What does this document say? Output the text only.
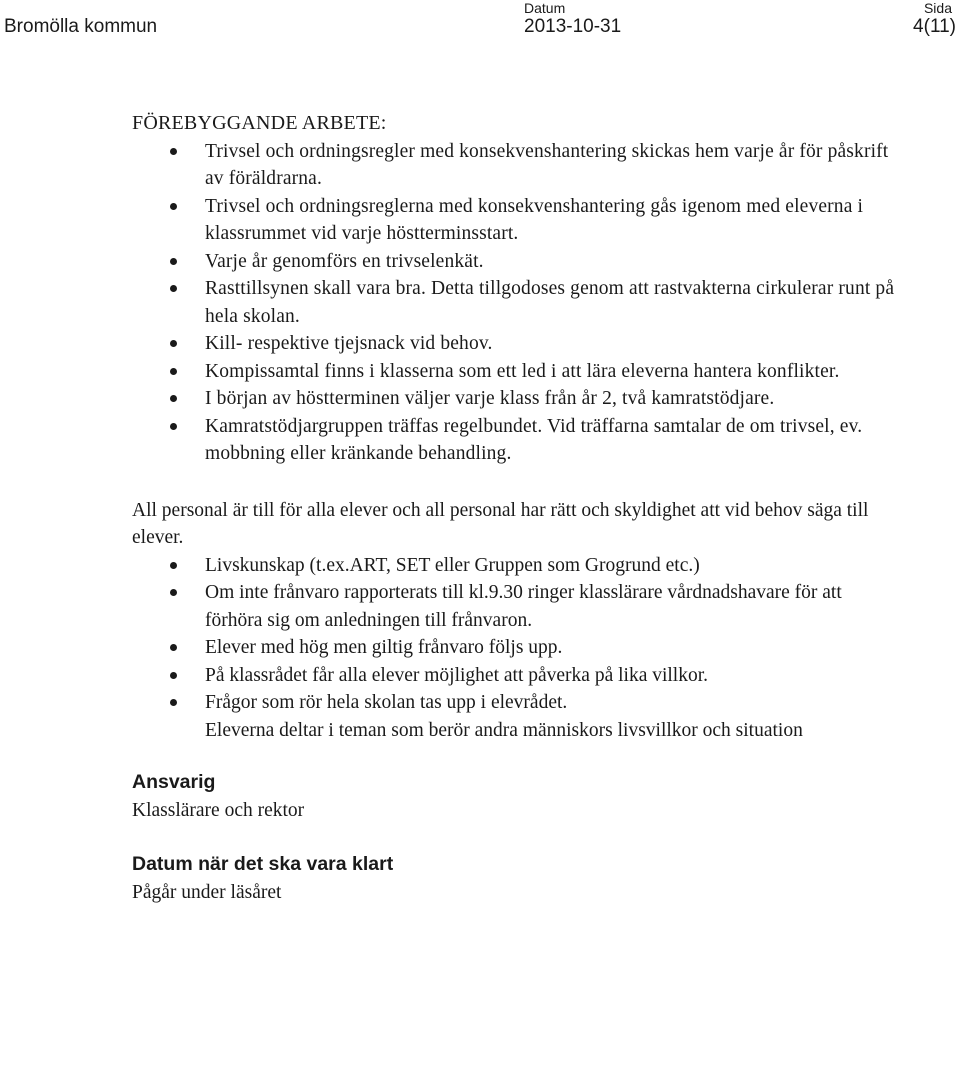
Bromölla kommun
Datum
2013-10-31
Sida
4(11)
FÖREBYGGANDE ARBETE:
Trivsel och ordningsregler med konsekvenshantering skickas hem varje år för påskrift av föräldrarna.
Trivsel och ordningsreglerna med konsekvenshantering gås igenom med eleverna i klassrummet vid varje höstterminsstart.
Varje år genomförs en trivselenkät.
Rasttillsynen skall vara bra. Detta tillgodoses genom att rastvakterna cirkulerar runt på hela skolan.
Kill- respektive tjejsnack vid behov.
Kompissamtal finns i klasserna som ett led i att lära eleverna hantera konflikter.
I början av höstterminen väljer varje klass från år 2, två kamratstödjare.
Kamratstödjargruppen träffas regelbundet. Vid träffarna samtalar de om trivsel, ev. mobbning eller kränkande behandling.

All personal är till för alla elever och all personal har rätt och skyldighet att vid behov säga till elever.

Livskunskap (t.ex.ART, SET eller Gruppen som Grogrund etc.)
Om inte frånvaro rapporterats till kl.9.30 ringer klasslärare vårdnadshavare för att förhöra sig om anledningen till frånvaron.
Elever med hög men giltig frånvaro följs upp.
På klassrådet får alla elever möjlighet att påverka på lika villkor.
Frågor som rör hela skolan tas upp i elevrådet.
Eleverna deltar i teman som berör andra människors livsvillkor och situation

Ansvarig

Klasslärare och rektor

Datum när det ska vara klart

Pågår under läsåret
